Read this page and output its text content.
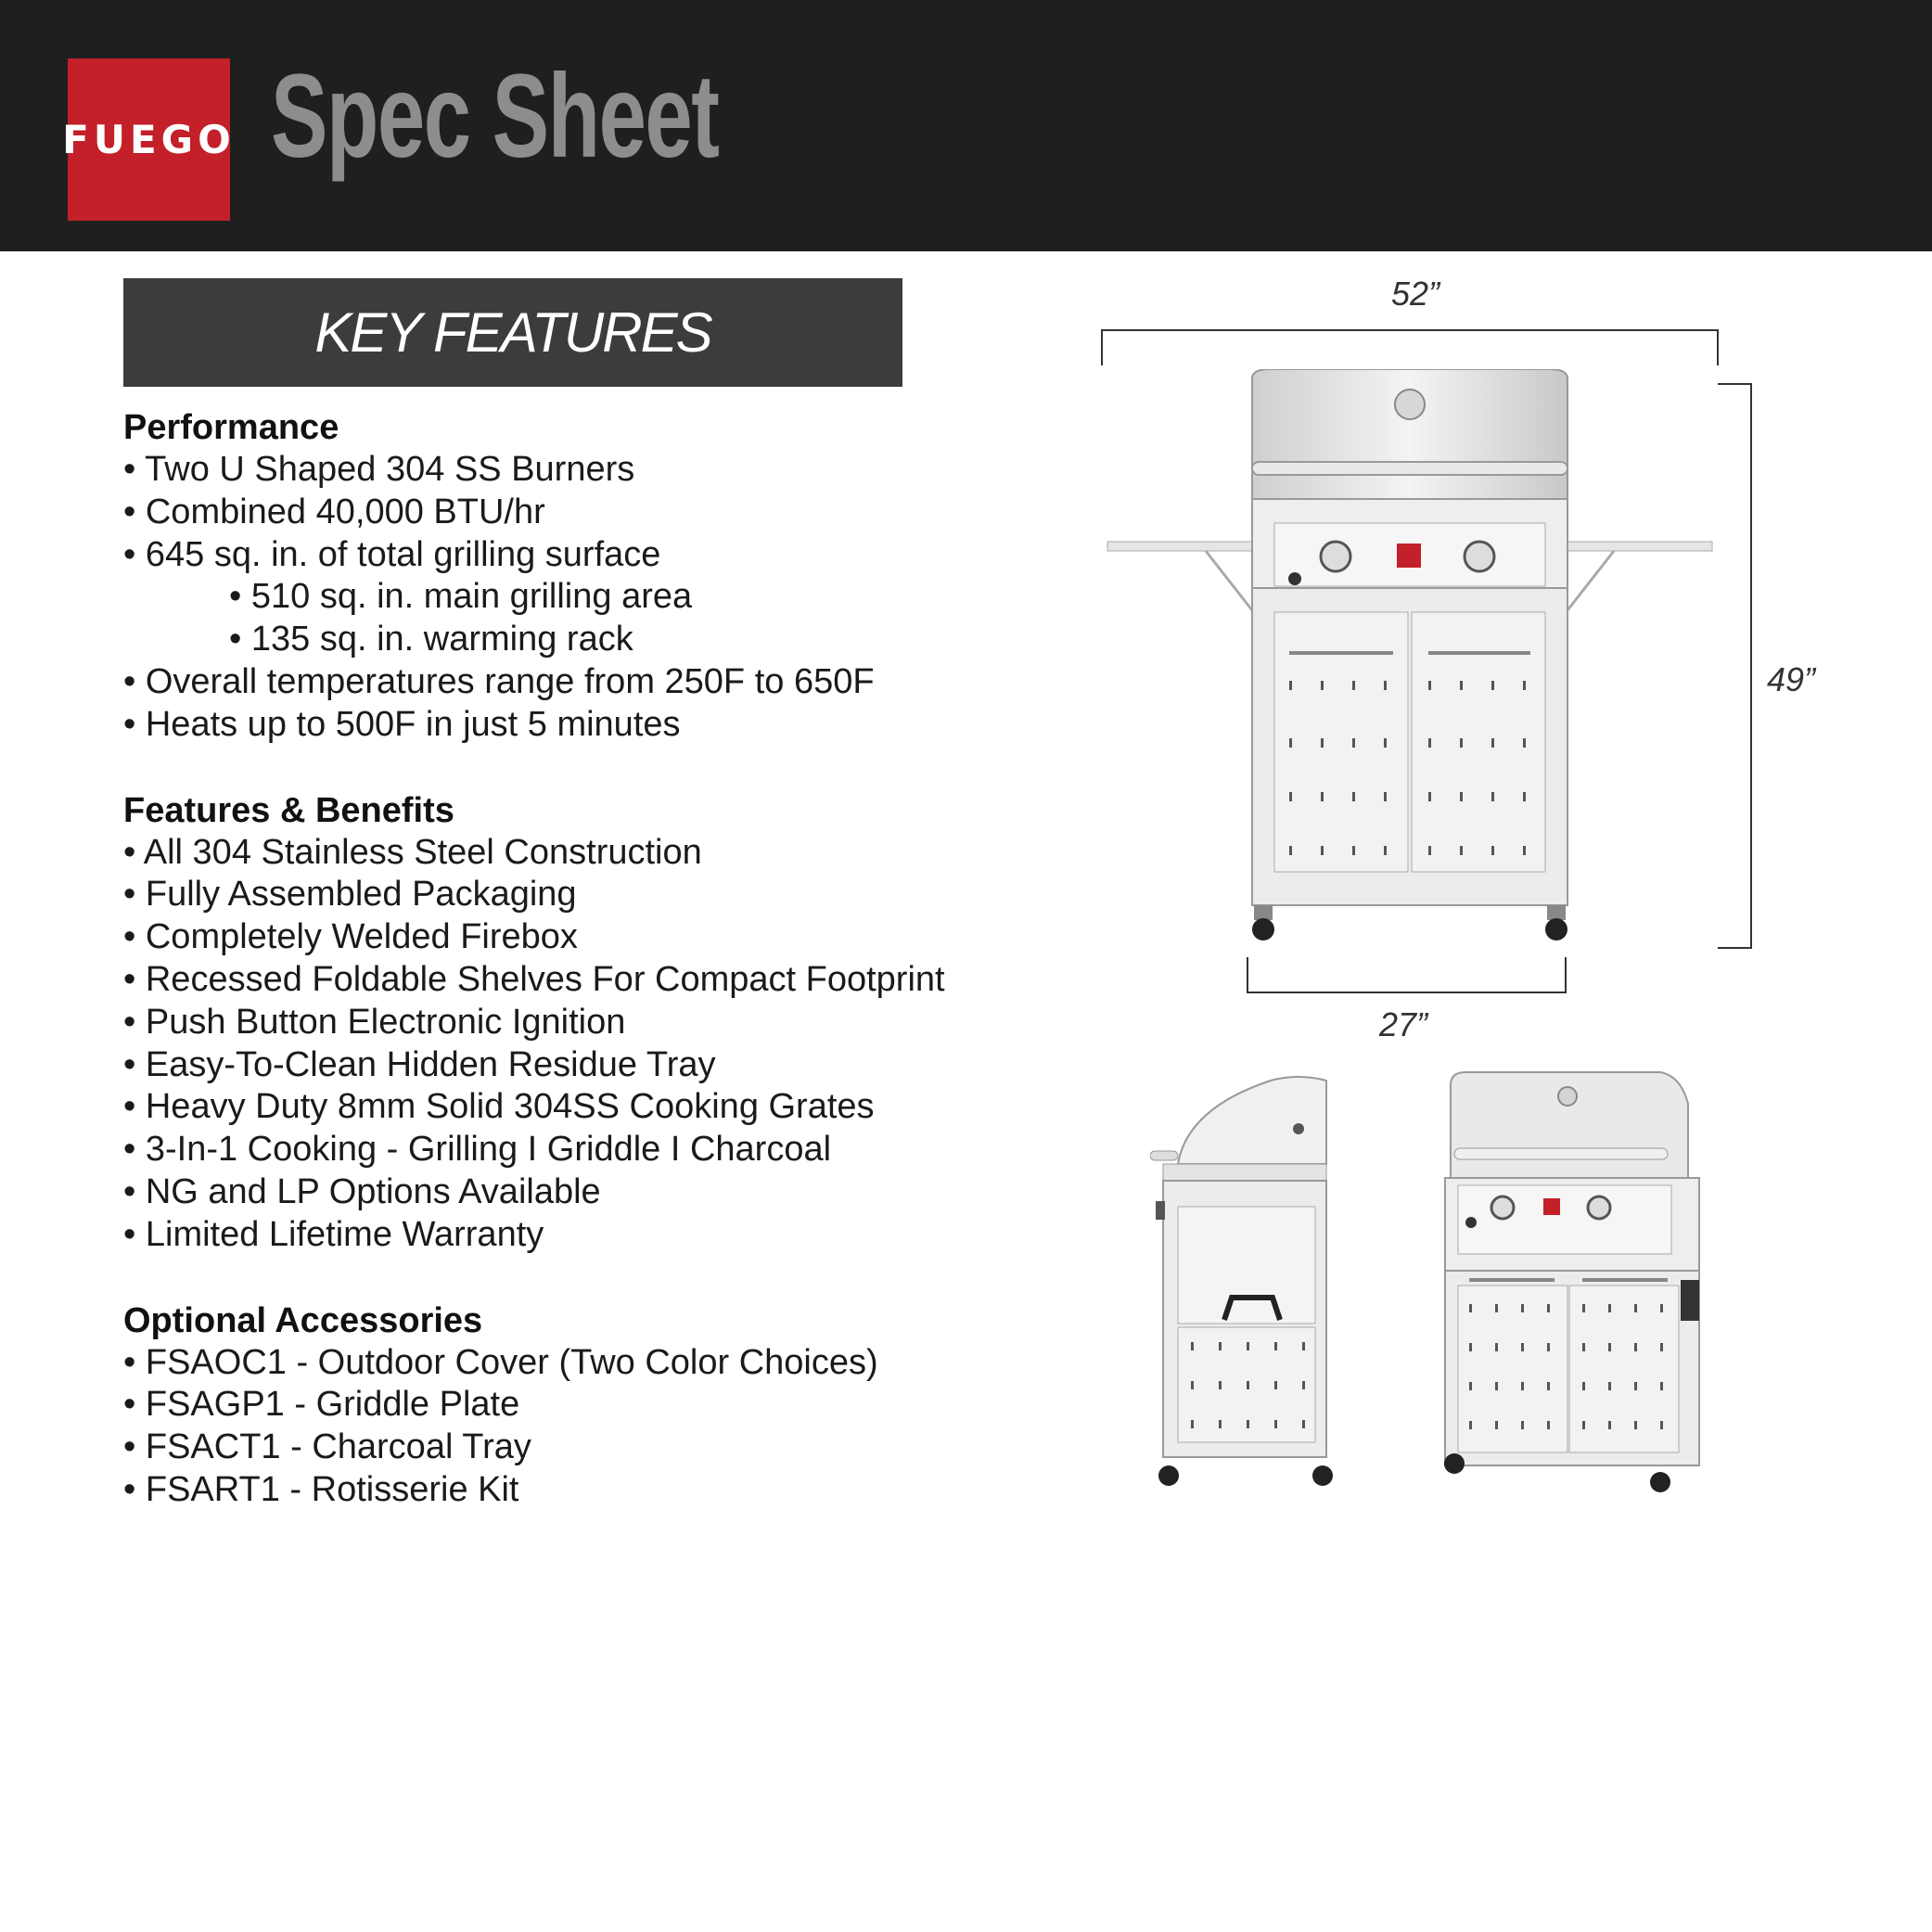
FUEGO Spec Sheet
KEY FEATURES
Performance
• Two U Shaped 304 SS Burners
• Combined 40,000 BTU/hr
• 645 sq. in. of total grilling surface
• 510 sq. in. main grilling area
• 135 sq. in. warming rack
• Overall temperatures range from 250F to 650F
• Heats up to 500F in just 5 minutes
Features & Benefits
• All 304 Stainless Steel Construction
• Fully Assembled Packaging
• Completely Welded Firebox
• Recessed Foldable Shelves For Compact Footprint
• Push Button Electronic Ignition
• Easy-To-Clean Hidden Residue Tray
• Heavy Duty 8mm Solid 304SS Cooking Grates
• 3-In-1 Cooking - Grilling I Griddle I Charcoal
• NG and LP Options Available
• Limited Lifetime Warranty
Optional Accessories
• FSAOC1 - Outdoor Cover (Two Color Choices)
• FSAGP1 - Griddle Plate
• FSACT1 - Charcoal Tray
• FSART1 - Rotisserie Kit
52”
49”
27”
